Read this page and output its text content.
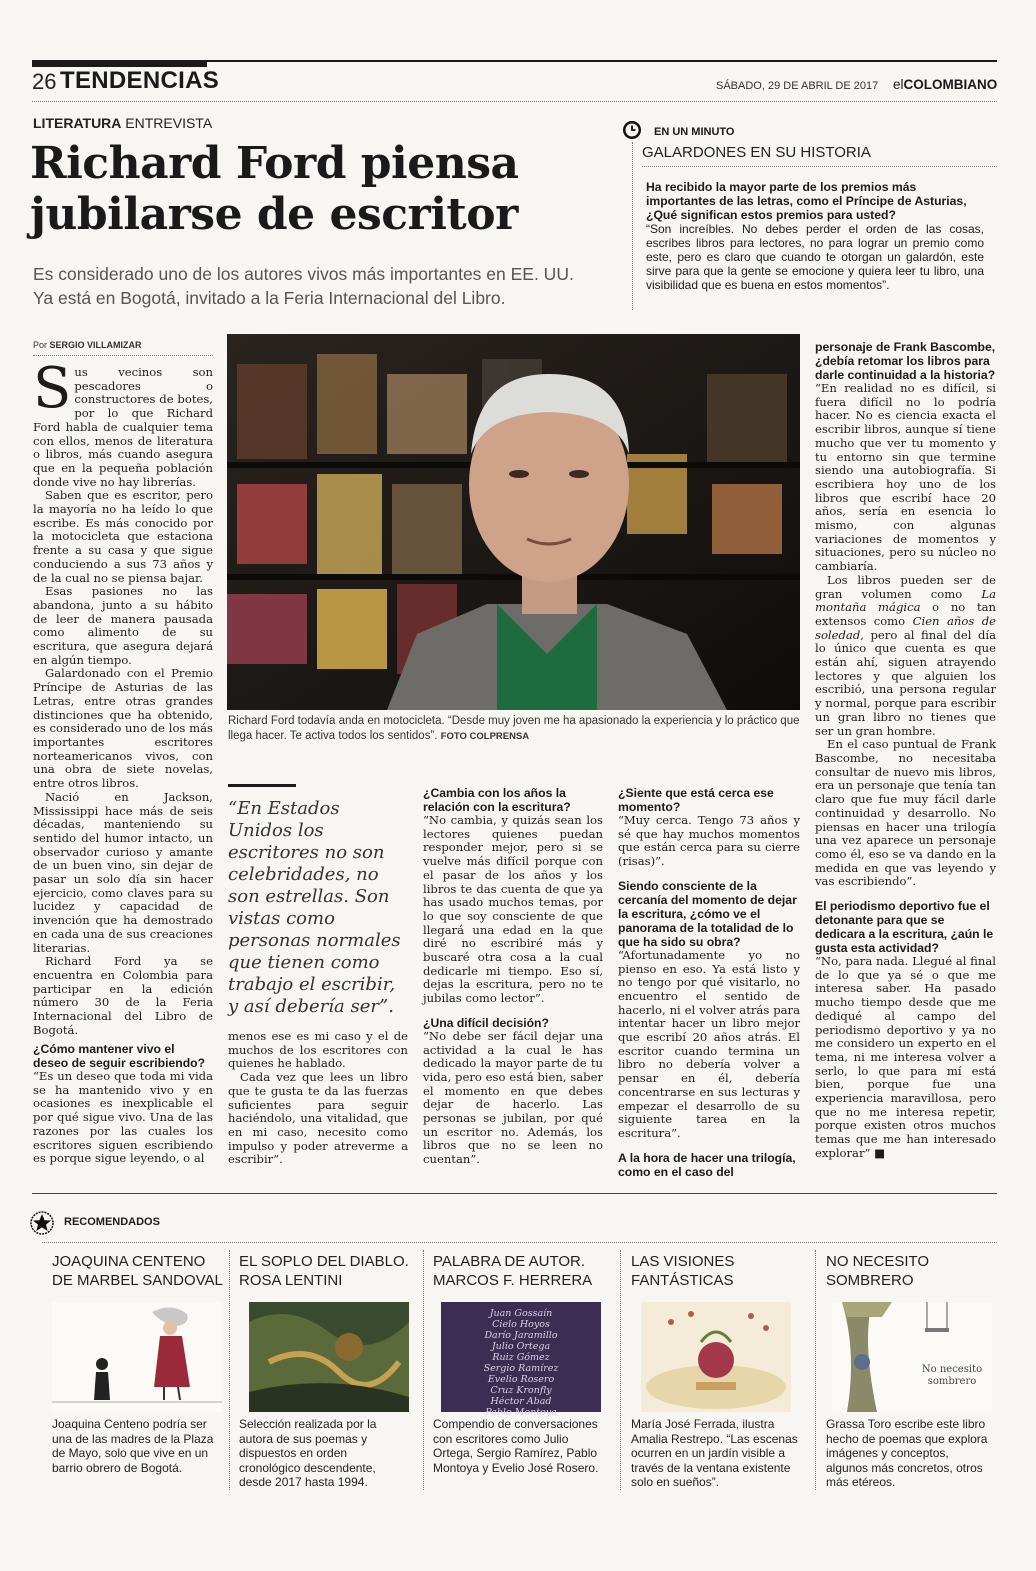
26 TENDENCIAS	SÁBADO, 29 DE ABRIL DE 2017 elCOLOMBIANO
LITERATURA ENTREVISTA
Richard Ford piensa
jubilarse de escritor
Es considerado uno de los autores vivos más importantes en EE. UU. Ya está en Bogotá, invitado a la Feria Internacional del Libro.
EN UN MINUTO
GALARDONES EN SU HISTORIA

Ha recibido la mayor parte de los premios más importantes de las letras, como el Príncipe de Asturias, ¿Qué significan estos premios para usted?

“Son increíbles. No debes perder el orden de las cosas, escribes libros para lectores, no para lograr un premio como este, pero es claro que cuando te otorgan un galardón, este sirve para que la gente se emocione y quiera leer tu libro, una visibilidad que es buena en estos momentos”.

Por SERGIO VILLAMIZAR
S us vecinos son pescadores o constructores de botes, por lo que Richard Ford habla de cualquier tema con ellos, menos de literatura o libros, más cuando asegura que en la pequeña población donde vive no hay librerías.

Saben que es escritor, pero la mayoría no ha leído lo que escribe. Es más conocido por la motocicleta que estaciona frente a su casa y que sigue conduciendo a sus 73 años y de la cual no se piensa bajar.

Esas pasiones no las abandona, junto a su hábito de leer de manera pausada como alimento de su escritura, que asegura dejará en algún tiempo.

Galardonado con el Premio Príncipe de Asturias de las Letras, entre otras grandes distinciones que ha obtenido, es considerado uno de los más importantes escritores norteamericanos vivos, con una obra de siete novelas, entre otros libros.

Nació en Jackson, Mississippi hace más de seis décadas, manteniendo su sentido del humor intacto, un observador curioso y amante de un buen vino, sin dejar de pasar un solo día sin hacer ejercicio, como claves para su lucidez y capacidad de invención que ha demostrado en cada una de sus creaciones literarias.

Richard Ford ya se encuentra en Colombia para participar en la edición número 30 de la Feria Internacional del Libro de Bogotá.

¿Cómo mantener vivo el deseo de seguir escribiendo?

“Es un deseo que toda mi vida se ha mantenido vivo y en ocasiones es inexplicable el por qué sigue vivo. Una de las razones por las cuales los escritores siguen escribiendo es porque sigue leyendo, o al

Richard Ford todavía anda en motocicleta. “Desde muy joven me ha apasionado la experiencia y lo práctico que llega hacer. Te activa todos los sentidos”. FOTO COLPRENSA
“En Estados Unidos los escritores no son celebridades, no son estrellas. Son vistas como personas normales que tienen como trabajo el escribir, y así debería ser”.
menos ese es mi caso y el de muchos de los escritores con quienes he hablado.

Cada vez que lees un libro que te gusta te da las fuerzas suficientes para seguir haciéndolo, una vitalidad, que en mi caso, necesito como impulso y poder atreverme a escribir”.

¿Cambia con los años la relación con la escritura?

“No cambia, y quizás sean los lectores quienes puedan responder mejor, pero si se vuelve más difícil porque con el pasar de los años y los libros te das cuenta de que ya has usado muchos temas, por lo que soy consciente de que llegará una edad en la que diré no escribiré más y buscaré otra cosa a la cual dedicarle mi tiempo. Eso sí, dejas la escritura, pero no te jubilas como lector”.

¿Una difícil decisión?

“No debe ser fácil dejar una actividad a la cual le has dedicado la mayor parte de tu vida, pero eso está bien, saber el momento en que debes dejar de hacerlo. Las personas se jubilan, por qué un escritor no. Además, los libros que no se leen no cuentan”.

¿Siente que está cerca ese momento?

“Muy cerca. Tengo 73 años y sé que hay muchos momentos que están cerca para su cierre (risas)”.

Siendo consciente de la cercanía del momento de dejar la escritura, ¿cómo ve el panorama de la totalidad de lo que ha sido su obra?

“Afortunadamente yo no pienso en eso. Ya está listo y no tengo por qué visitarlo, no encuentro el sentido de hacerlo, ni el volver atrás para intentar hacer un libro mejor que escribí 20 años atrás. El escritor cuando termina un libro no debería volver a pensar en él, debería concentrarse en sus lecturas y empezar el desarrollo de su siguiente tarea en la escritura”.

A la hora de hacer una trilogía, como en el caso del

personaje de Frank Bascombe, ¿debía retomar los libros para darle continuidad a la historia?

“En realidad no es difícil, si fuera difícil no lo podría hacer. No es ciencia exacta el escribir libros, aunque sí tiene mucho que ver tu momento y tu entorno sin que termine siendo una autobiografía. Si escribiera hoy uno de los libros que escribí hace 20 años, sería en esencia lo mismo, con algunas variaciones de momentos y situaciones, pero su núcleo no cambiaría.

Los libros pueden ser de gran volumen como La montaña mágica o no tan extensos como Cien años de soledad, pero al final del día lo único que cuenta es que están ahí, siguen atrayendo lectores y que alguien los escribió, una persona regular y normal, porque para escribir un gran libro no tienes que ser un gran hombre.

En el caso puntual de Frank Bascombe, no necesitaba consultar de nuevo mis libros, era un personaje que tenía tan claro que fue muy fácil darle continuidad y desarrollo. No piensas en hacer una trilogía una vez aparece un personaje como él, eso se va dando en la medida en que vas leyendo y vas escribiendo”.

El periodismo deportivo fue el detonante para que se dedicara a la escritura, ¿aún le gusta esta actividad?

“No, para nada. Llegué al final de lo que ya sé o que me interesa saber. Ha pasado mucho tiempo desde que me dediqué al campo del periodismo deportivo y ya no me considero un experto en el tema, ni me interesa volver a serlo, lo que para mí está bien, porque fue una experiencia maravillosa, pero que no me interesa repetir, porque existen otros muchos temas que me han interesado explorar” ■

RECOMENDADOS
JOAQUINA CENTENO DE MARBEL SANDOVAL
Joaquina Centeno podría ser una de las madres de la Plaza de Mayo, solo que vive en un barrio obrero de Bogotá.
EL SOPLO DEL DIABLO. ROSA LENTINI
Selección realizada por la autora de sus poemas y dispuestos en orden cronológico descendente, desde 2017 hasta 1994.
PALABRA DE AUTOR. MARCOS F. HERRERA
Juan Gossaín
Cielo Hoyos
Darío Jaramillo
Julio Ortega
Ruiz Gómez
Sergio Ramírez
Evelio Rosero
Cruz Kronfly
Héctor Abad
Pablo Montoya
Compendio de conversaciones con escritores como Julio Ortega, Sergio Ramírez, Pablo Montoya y Evelio José Rosero.
LAS VISIONES FANTÁSTICAS
María José Ferrada, ilustra Amalia Restrepo. “Las escenas ocurren en un jardín visible a través de la ventana existente solo en sueños”.
NO NECESITO SOMBRERO
No necesito sombrero
Grassa Toro escribe este libro hecho de poemas que explora imágenes y conceptos, algunos más concretos, otros más etéreos.
